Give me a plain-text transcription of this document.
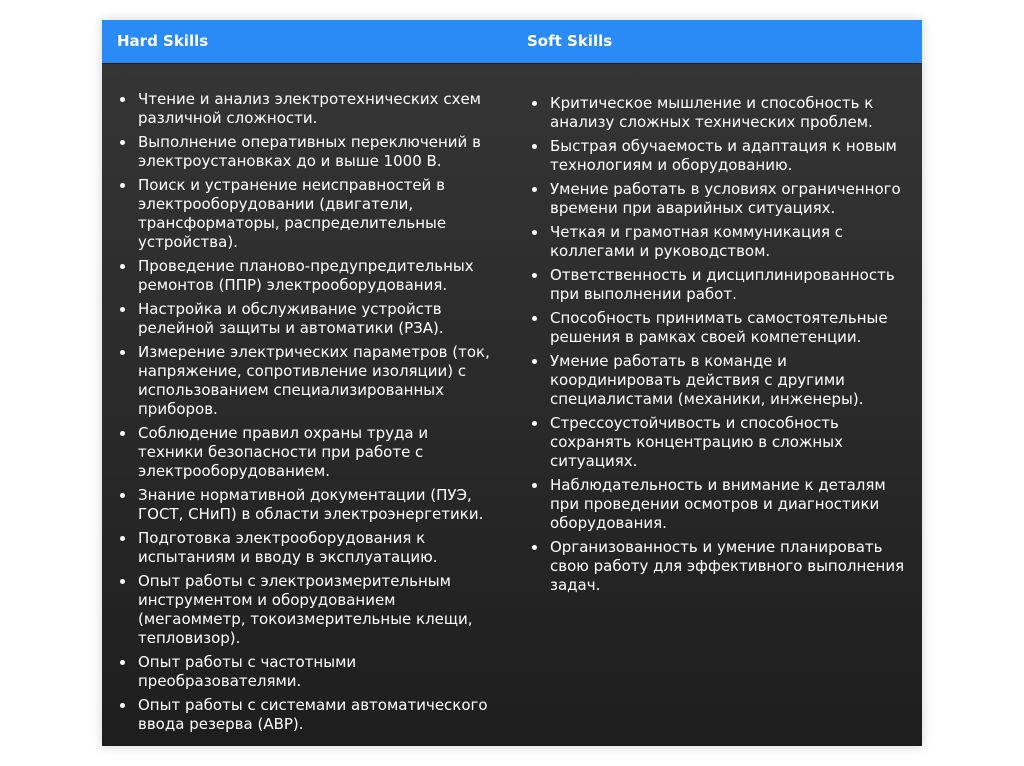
Hard Skills	Soft Skills
Чтение и анализ электротехнических схем различной сложности.
Выполнение оперативных переключений в электроустановках до и выше 1000 В.
Поиск и устранение неисправностей в электрооборудовании (двигатели, трансформаторы, распределительные устройства).
Проведение планово-предупредительных ремонтов (ППР) электрооборудования.
Настройка и обслуживание устройств релейной защиты и автоматики (РЗА).
Измерение электрических параметров (ток, напряжение, сопротивление изоляции) с использованием специализированных приборов.
Соблюдение правил охраны труда и техники безопасности при работе с электрооборудованием.
Знание нормативной документации (ПУЭ, ГОСТ, СНиП) в области электроэнергетики.
Подготовка электрооборудования к испытаниям и вводу в эксплуатацию.
Опыт работы с электроизмерительным инструментом и оборудованием (мегаомметр, токоизмерительные клещи, тепловизор).
Опыт работы с частотными преобразователями.
Опыт работы с системами автоматического ввода резерва (АВР).
Критическое мышление и способность к анализу сложных технических проблем.
Быстрая обучаемость и адаптация к новым технологиям и оборудованию.
Умение работать в условиях ограниченного времени при аварийных ситуациях.
Четкая и грамотная коммуникация с коллегами и руководством.
Ответственность и дисциплинированность при выполнении работ.
Способность принимать самостоятельные решения в рамках своей компетенции.
Умение работать в команде и координировать действия с другими специалистами (механики, инженеры).
Стрессоустойчивость и способность сохранять концентрацию в сложных ситуациях.
Наблюдательность и внимание к деталям при проведении осмотров и диагностики оборудования.
Организованность и умение планировать свою работу для эффективного выполнения задач.
